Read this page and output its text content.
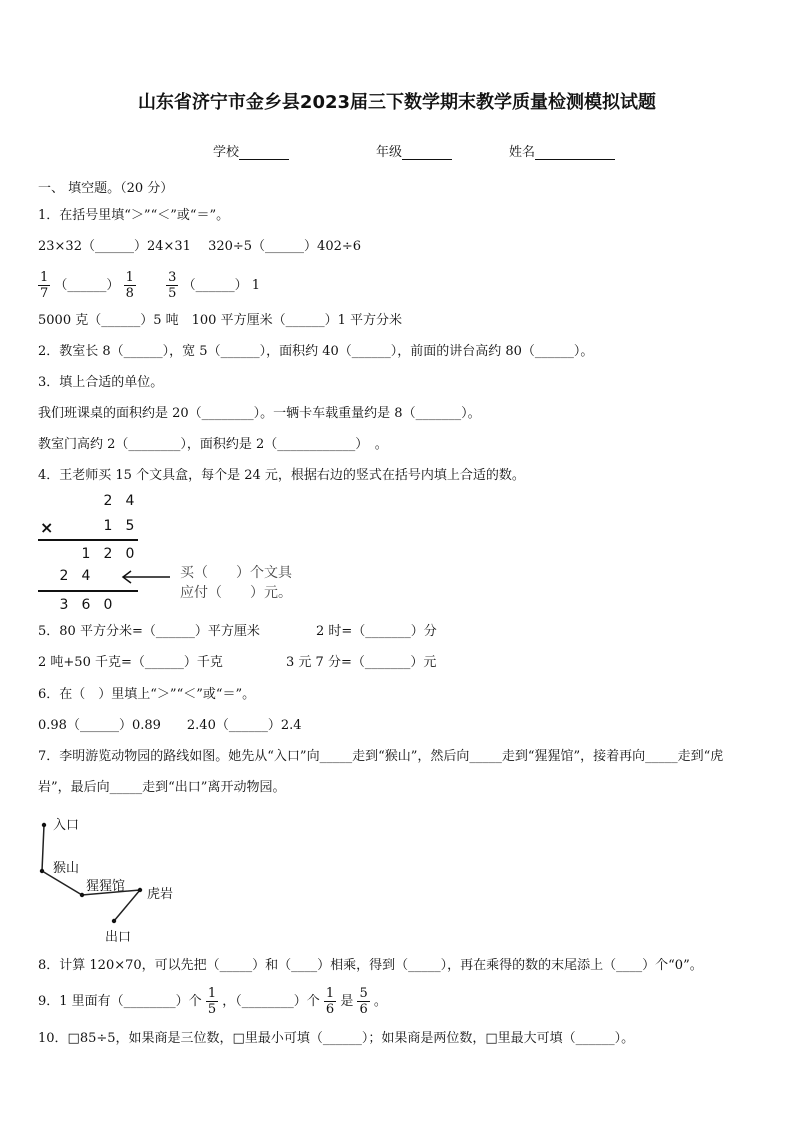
山东省济宁市金乡县2023届三下数学期末教学质量检测模拟试题
学校	年级	姓名
一、 填空题。（20 分）
1．在括号里填“＞”“＜”或“＝”。
23×32（______）24×31　 320÷5（______）402÷6
$\frac{1}{7}$ （______） $\frac{1}{8}$
$\frac{3}{5}$ （______） 1
5000 克（______）5 吨　100 平方厘米（______）1 平方分米
2．教室长 8（______），宽 5（______），面积约 40（______），前面的讲台高约 80（______）。
3．填上合适的单位。
我们班课桌的面积约是 20（________）。一辆卡车载重量约是 8（_______）。
教室门高约 2（________），面积约是 2（____________）　。
4．王老师买 15 个文具盒，每个是 24 元，根据右边的竖式在括号内填上合适的数。
2 4
×	1 5
1 2 0
2 4
3 6 0
买（　　）个文具
应付（　　）元。
5．80 平方分米=（______）平方厘米	2 时=（_______）分
2 吨+50 千克=（______）千克	3 元 7 分=（_______）元
6．在（　）里填上“＞”“＜”或“＝”。
0.98（______）0.89　　2.40（______）2.4
7．李明游览动物园的路线如图。她先从“入口”向_____走到“猴山”，然后向_____走到“猩猩馆”，接着再向_____走到“虎
岩”，最后向_____走到“出口”离开动物园。
入口
猴山
猩猩馆
虎岩
出口
8．计算 120×70，可以先把（_____）和（____）相乘，得到（_____），再在乘得的数的末尾添上（____）个“0”。
9．1 里面有（________）个 $\frac{1}{5}$ ，（________）个 $\frac{1}{6}$ 是 $\frac{5}{6}$ 。
10．□85÷5，如果商是三位数，□里最小可填（______）；如果商是两位数，□里最大可填（______）。
